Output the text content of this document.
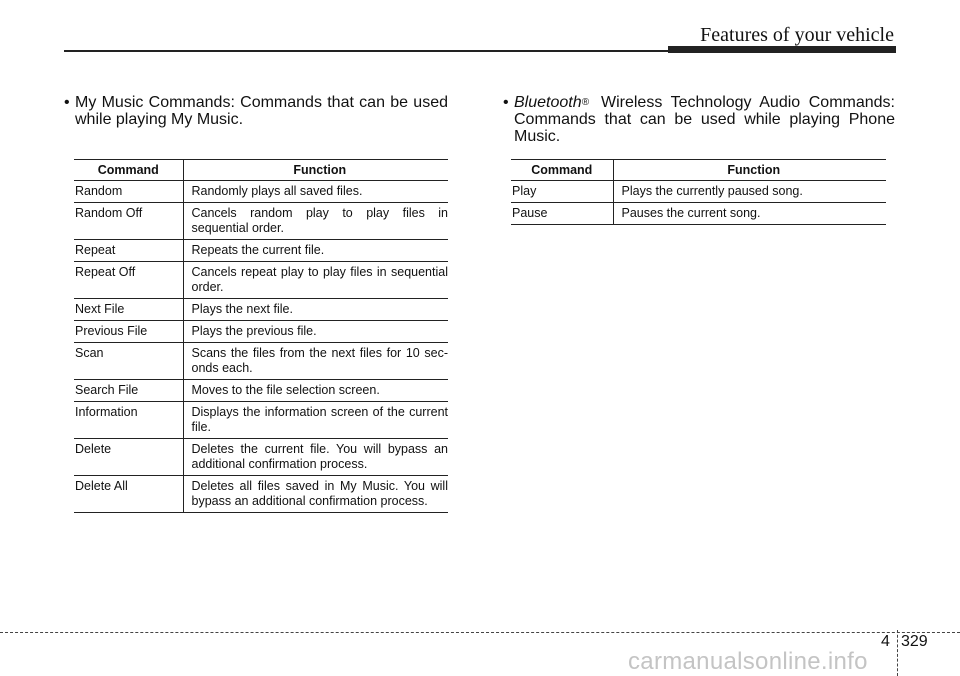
Features of your vehicle
• My Music Commands: Commands that can be used while playing My Music.
Command	Function
Random	Randomly plays all saved files.
Random Off	Cancels random play to play files in sequential order.
Repeat	Repeats the current file.
Repeat Off	Cancels repeat play to play files in sequential order.
Next File	Plays the next file.
Previous File	Plays the previous file.
Scan	Scans the files from the next files for 10 sec-onds each.
Search File	Moves to the file selection screen.
Information	Displays the information screen of the current file.
Delete	Deletes the current file. You will bypass an additional confirmation process.
Delete All	Deletes all files saved in My Music. You will bypass an additional confirmation process.
• Bluetooth® Wireless Technology Audio Commands: Commands that can be used while playing Phone Music.
Command	Function
Play	Plays the currently paused song.
Pause	Pauses the current song.
4 329
carmanualsonline.info
